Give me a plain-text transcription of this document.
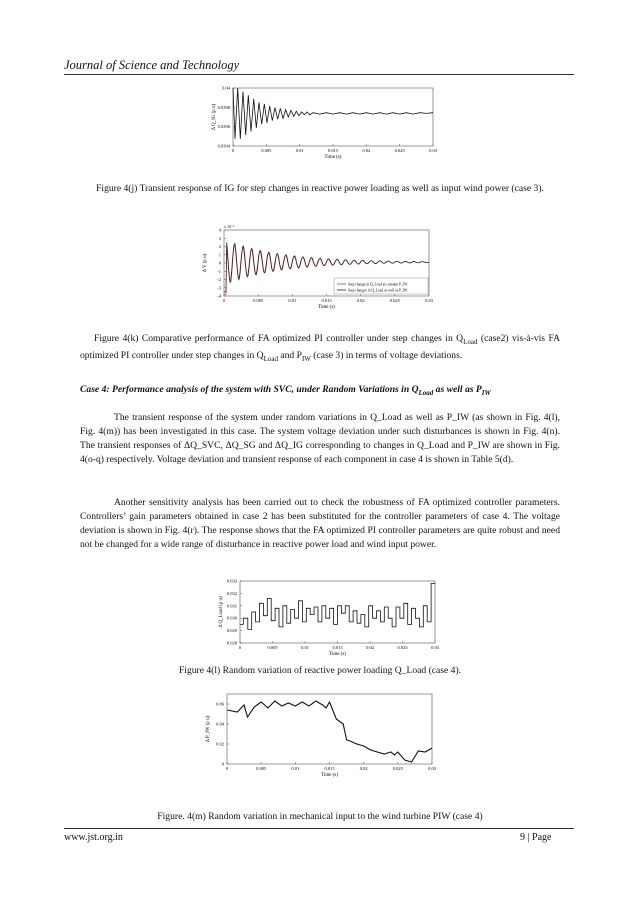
Journal of Science and Technology
0	0.005	0.01	0.015	0.02	0.025	0.03
0.04
0.0398
0.0396
0.0394
Time (s)
Δ Q_IG (p u)
Figure 4(j) Transient response of IG for step changes in reactive power loading as well as input wind power (case 3).
0	0.005	0.01	0.015	0.02	0.025	0.03
4
3
2
1
0
-1
-2
-3
-4
Time (s)
Δ V (p u)
x 10⁻³
Step change in Q_Load at constant P_IW
Step changes in Q_Load as well as P_IW
Figure 4(k) Comparative performance of FA optimized PI controller under step changes in $Q_{Load}$ (case2) vis-à-vis FA optimized PI controller under step changes in $Q_{Load}$ and $P_{IW}$ (case 3) in terms of voltage deviations.
Case 4: Performance analysis of the system with SVC, under Random Variations in $Q_{Load}$ as well as $P_{IW}$
The transient response of the system under random variations in Q_Load as well as P_IW (as shown in Fig. 4(l), Fig. 4(m)) has been investigated in this case. The system voltage deviation under such disturbances is shown in Fig. 4(n). The transient responses of ΔQ_SVC, ΔQ_SG and ΔQ_IG corresponding to changes in Q_Load and P_IW are shown in Fig. 4(o-q) respectively. Voltage deviation and transient response of each component in case 4 is shown in Table 5(d).
Another sensitivity analysis has been carried out to check the robustness of FA optimized controller parameters. Controllers’ gain parameters obtained in case 2 has been substituted for the controller parameters of case 4. The voltage deviation is shown in Fig. 4(r). The response shows that the FA optimized PI controller parameters are quite robust and need not be changed for a wide range of disturbance in reactive power load and wind input power.
0	0.005	0.01	0.015	0.02	0.025	0.03
0.033
0.032
0.031
0.030
0.029
0.028
Time (s)
Δ Q_Load (p u)
Figure 4(l) Random variation of reactive power loading Q_Load (case 4).
0	0.005	0.01	0.015	0.02	0.025	0.03
0.06
0.04
0.02
0
Time (s)
Δ P_IW (p u)
Figure. 4(m) Random variation in mechanical input to the wind turbine PIW (case 4)
www.jst.org.in	9 | Page
